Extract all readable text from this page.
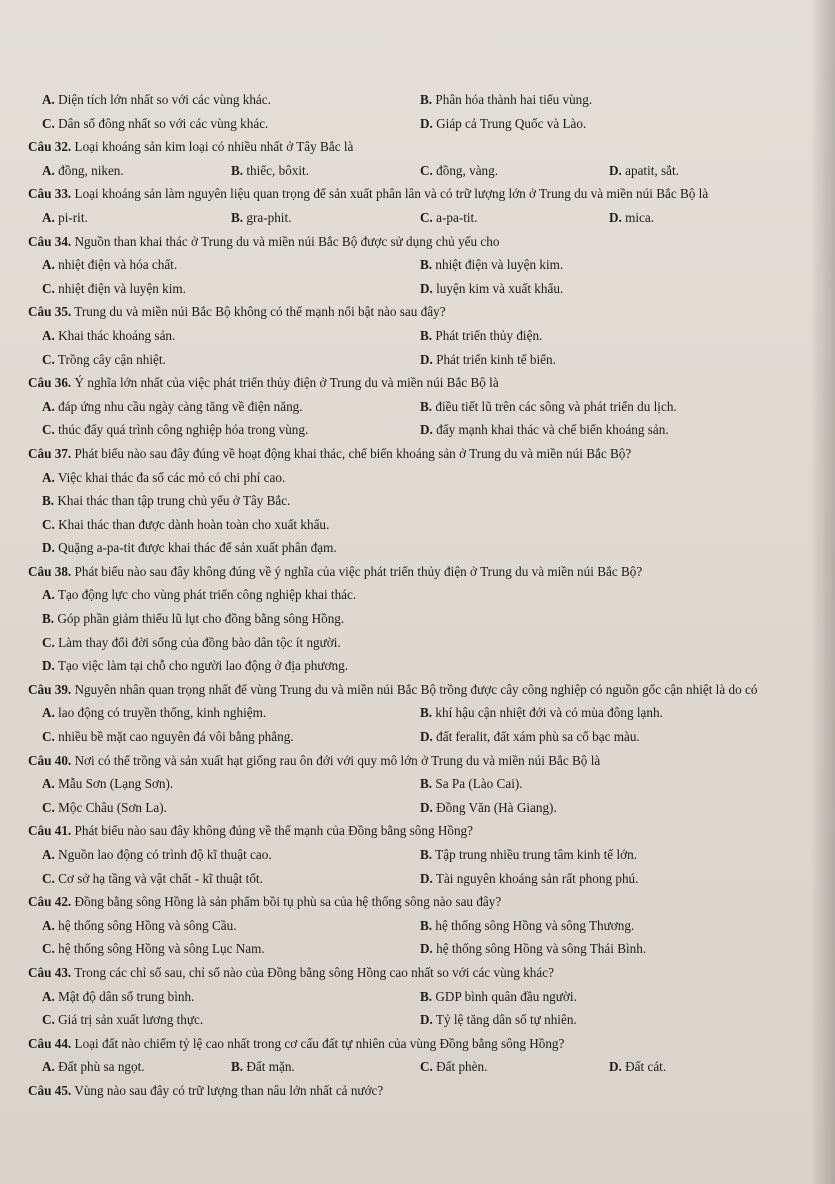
A. Diện tích lớn nhất so với các vùng khác.	B. Phân hóa thành hai tiểu vùng.
C. Dân số đông nhất so với các vùng khác.	D. Giáp cả Trung Quốc và Lào.
Câu 32. Loại khoáng sản kim loại có nhiều nhất ở Tây Bắc là
A. đồng, niken.	B. thiếc, bôxit.	C. đồng, vàng.	D. apatit, sắt.
Câu 33. Loại khoáng sản làm nguyên liệu quan trọng để sản xuất phân lân và có trữ lượng lớn ở Trung du và miền núi Bắc Bộ là
A. pi-rit.	B. gra-phit.	C. a-pa-tit.	D. mica.
Câu 34. Nguồn than khai thác ở Trung du và miền núi Bắc Bộ được sử dụng chủ yếu cho
A. nhiệt điện và hóa chất.	B. nhiệt điện và luyện kim.
C. nhiệt điện và luyện kim.	D. luyện kim và xuất khẩu.
Câu 35. Trung du và miền núi Bắc Bộ không có thế mạnh nổi bật nào sau đây?
A. Khai thác khoáng sản.	B. Phát triển thủy điện.
C. Trồng cây cận nhiệt.	D. Phát triển kinh tế biển.
Câu 36. Ý nghĩa lớn nhất của việc phát triển thủy điện ở Trung du và miền núi Bắc Bộ là
A. đáp ứng nhu cầu ngày càng tăng về điện năng.	B. điều tiết lũ trên các sông và phát triển du lịch.
C. thúc đẩy quá trình công nghiệp hóa trong vùng.	D. đẩy mạnh khai thác và chế biến khoáng sản.
Câu 37. Phát biểu nào sau đây đúng về hoạt động khai thác, chế biến khoáng sản ở Trung du và miền núi Bắc Bộ?
A. Việc khai thác đa số các mỏ có chi phí cao.
B. Khai thác than tập trung chủ yếu ở Tây Bắc.
C. Khai thác than được dành hoàn toàn cho xuất khẩu.
D. Quặng a-pa-tit được khai thác để sản xuất phân đạm.
Câu 38. Phát biểu nào sau đây không đúng về ý nghĩa của việc phát triển thủy điện ở Trung du và miền núi Bắc Bộ?
A. Tạo động lực cho vùng phát triển công nghiệp khai thác.
B. Góp phần giảm thiểu lũ lụt cho đồng bằng sông Hồng.
C. Làm thay đổi đời sống của đồng bào dân tộc ít người.
D. Tạo việc làm tại chỗ cho người lao động ở địa phương.
Câu 39. Nguyên nhân quan trọng nhất để vùng Trung du và miền núi Bắc Bộ trồng được cây công nghiệp có nguồn gốc cận nhiệt là do có
A. lao động có truyền thống, kinh nghiệm.	B. khí hậu cận nhiệt đới và có mùa đông lạnh.
C. nhiều bề mặt cao nguyên đá vôi bằng phẳng.	D. đất feralit, đất xám phù sa cổ bạc màu.
Câu 40. Nơi có thể trồng và sản xuất hạt giống rau ôn đới với quy mô lớn ở Trung du và miền núi Bắc Bộ là
A. Mẫu Sơn (Lạng Sơn).	B. Sa Pa (Lào Cai).
C. Mộc Châu (Sơn La).	D. Đồng Văn (Hà Giang).
Câu 41. Phát biểu nào sau đây không đúng về thế mạnh của Đồng bằng sông Hồng?
A. Nguồn lao động có trình độ kĩ thuật cao.	B. Tập trung nhiều trung tâm kinh tế lớn.
C. Cơ sở hạ tầng và vật chất - kĩ thuật tốt.	D. Tài nguyên khoáng sản rất phong phú.
Câu 42. Đồng bằng sông Hồng là sản phẩm bồi tụ phù sa của hệ thống sông nào sau đây?
A. hệ thống sông Hồng và sông Cầu.	B. hệ thống sông Hồng và sông Thương.
C. hệ thống sông Hồng và sông Lục Nam.	D. hệ thống sông Hồng và sông Thái Bình.
Câu 43. Trong các chỉ số sau, chỉ số nào của Đồng bằng sông Hồng cao nhất so với các vùng khác?
A. Mật độ dân số trung bình.	B. GDP bình quân đầu người.
C. Giá trị sản xuất lương thực.	D. Tỷ lệ tăng dân số tự nhiên.
Câu 44. Loại đất nào chiếm tỷ lệ cao nhất trong cơ cấu đất tự nhiên của vùng Đồng bằng sông Hồng?
A. Đất phù sa ngọt.	B. Đất mặn.	C. Đất phèn.	D. Đất cát.
Câu 45. Vùng nào sau đây có trữ lượng than nâu lớn nhất cả nước?
